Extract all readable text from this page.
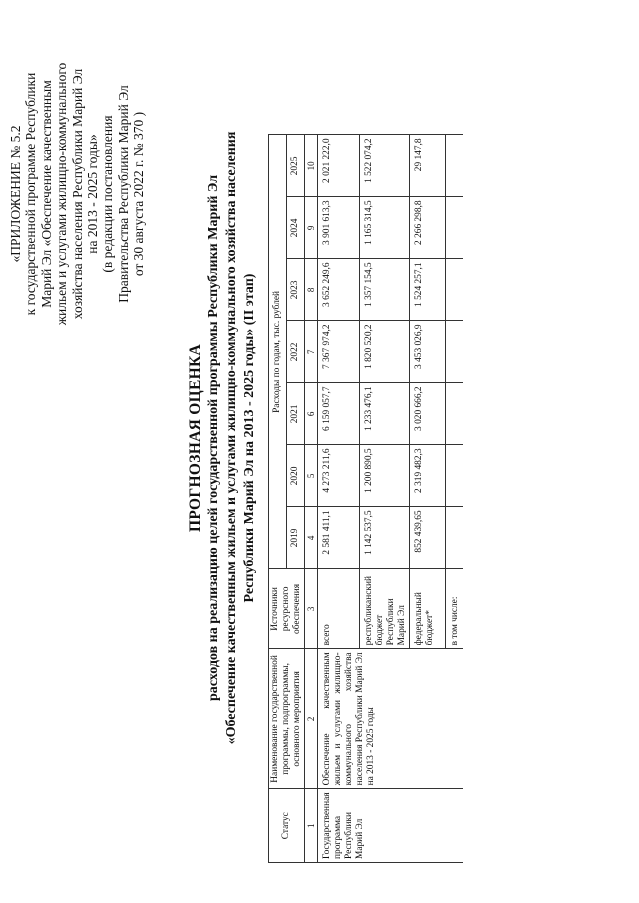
«ПРИЛОЖЕНИЕ № 5.2 к государственной программе Республики Марий Эл «Обеспечение качественным жильем и услугами жилищно-коммунального хозяйства населения Республики Марий Эл на 2013 - 2025 годы» (в редакции постановления Правительства Республики Марий Эл от 30 августа 2022 г. № 370 )
ПРОГНОЗНАЯ ОЦЕНКА расходов на реализацию целей государственной программы Республики Марий Эл «Обеспечение качественным жильем и услугами жилищно-коммунального хозяйства населения Республики Марий Эл на 2013 - 2025 годы» (II этап)
Статус	Наименование государственной программы, подпрограммы, основного мероприятия	Источники ресурсного обеспечения	Расходы по годам, тыс. рублей						
			2019	2020	2021	2022	2023	2024	2025
1	2	3	4	5	6	7	8	9	10
Государственная программа Республики Марий Эл	Обеспечение качественным жильем и услугами жилищно-коммунального хозяйства населения Республики Марий Эл на 2013 - 2025 годы	всего	2 581 411,1	4 273 211,6	6 159 057,7	7 367 974,2	3 652 249,6	3 901 613,3	2 021 222,0
		республиканский бюджет Республики Марий Эл	1 142 537,5	1 200 890,5	1 233 476,1	1 820 520,2	1 357 154,5	1 165 314,5	1 522 074,2
		федеральный бюджет*	852 439,65	2 319 482,3	3 020 666,2	3 453 026,9	1 524 257,1	2 266 298,8	29 147,8
		в том числе:							
